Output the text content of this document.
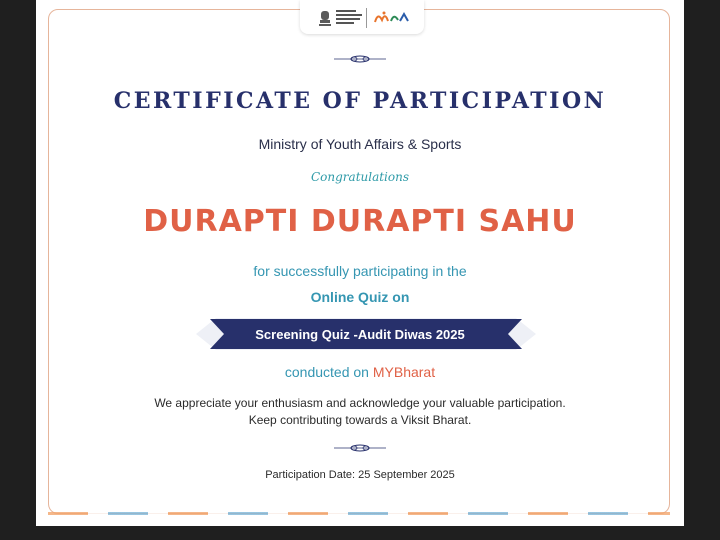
CERTIFICATE OF PARTICIPATION
Ministry of Youth Affairs & Sports
Congratulations
DURAPTI DURAPTI SAHU
for successfully participating in the
Online Quiz on
Screening Quiz -Audit Diwas 2025
conducted on MYBharat
We appreciate your enthusiasm and acknowledge your valuable participation.
Keep contributing towards a Viksit Bharat.
Participation Date: 25 September 2025
